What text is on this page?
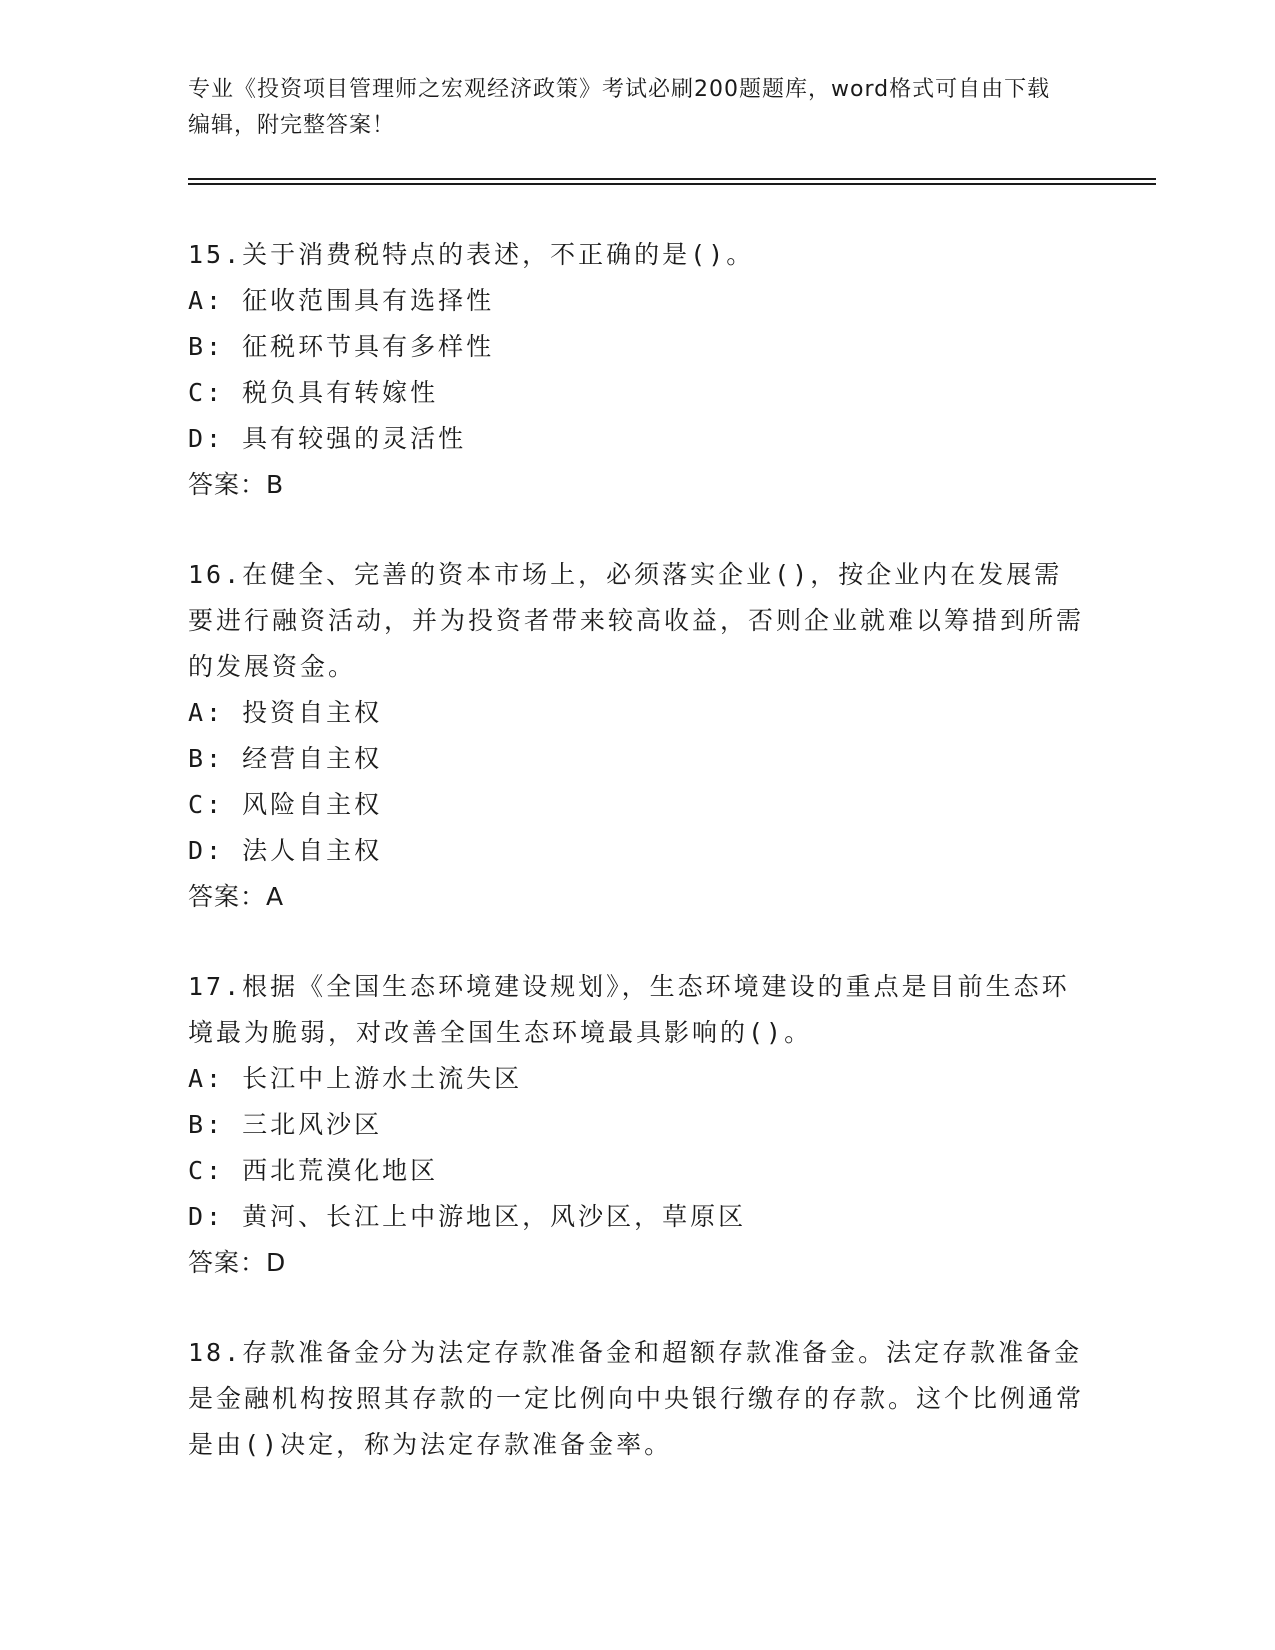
专业《投资项目管理师之宏观经济政策》考试必刷200题题库，word格式可自由下载编辑，附完整答案！
15.关于消费税特点的表述，不正确的是()。
A: 征收范围具有选择性
B: 征税环节具有多样性
C: 税负具有转嫁性
D: 具有较强的灵活性
答案：B
16.在健全、完善的资本市场上，必须落实企业()，按企业内在发展需要进行融资活动，并为投资者带来较高收益，否则企业就难以筹措到所需的发展资金。
A: 投资自主权
B: 经营自主权
C: 风险自主权
D: 法人自主权
答案：A
17.根据《全国生态环境建设规划》，生态环境建设的重点是目前生态环境最为脆弱，对改善全国生态环境最具影响的()。
A: 长江中上游水土流失区
B: 三北风沙区
C: 西北荒漠化地区
D: 黄河、长江上中游地区，风沙区，草原区
答案：D
18.存款准备金分为法定存款准备金和超额存款准备金。法定存款准备金是金融机构按照其存款的一定比例向中央银行缴存的存款。这个比例通常是由()决定，称为法定存款准备金率。
